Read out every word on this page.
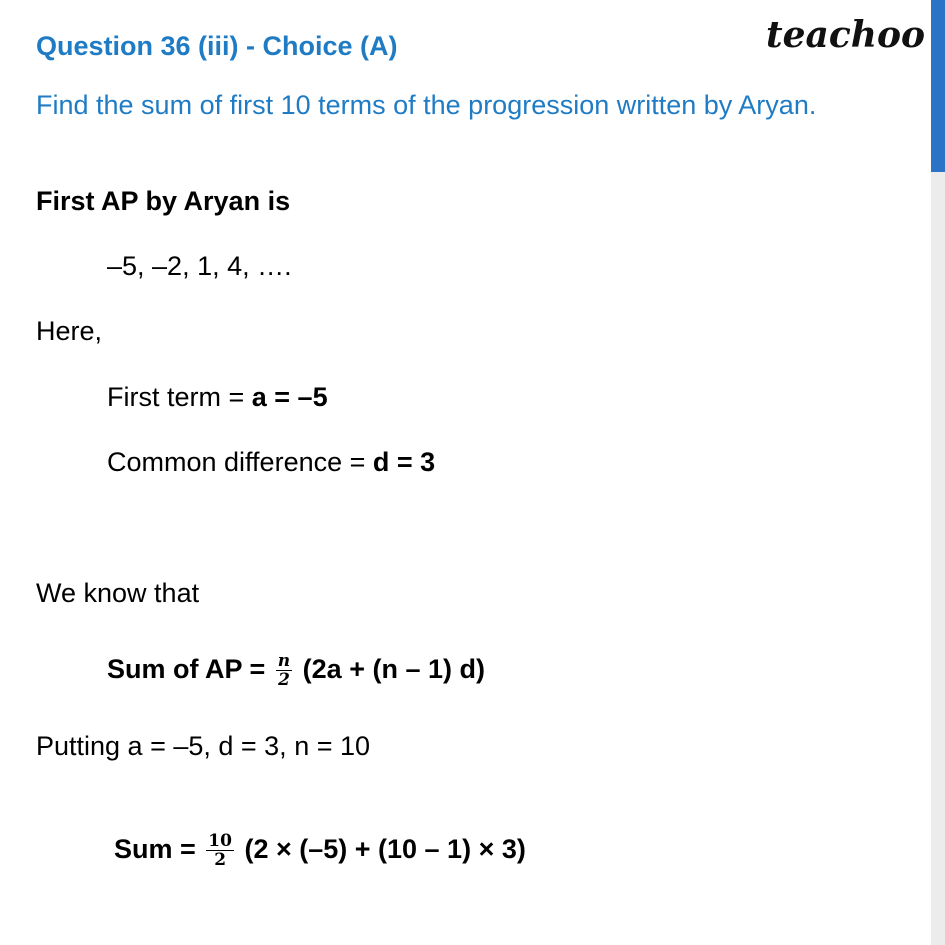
teachoo
Question 36 (iii) - Choice (A)
Find the sum of first 10 terms of the progression written by Aryan.
First AP by Aryan is
–5, –2, 1, 4, ….
Here,
First term = a = –5
Common difference = d = 3
We know that
Sum of AP = $\frac{n}{2} (2a + (n - 1)$ d)
Putting a = –5, d = 3, n = 10
Sum = $\frac{10}{2} (2 \times (-5) + (10 - 1) \times 3)$
